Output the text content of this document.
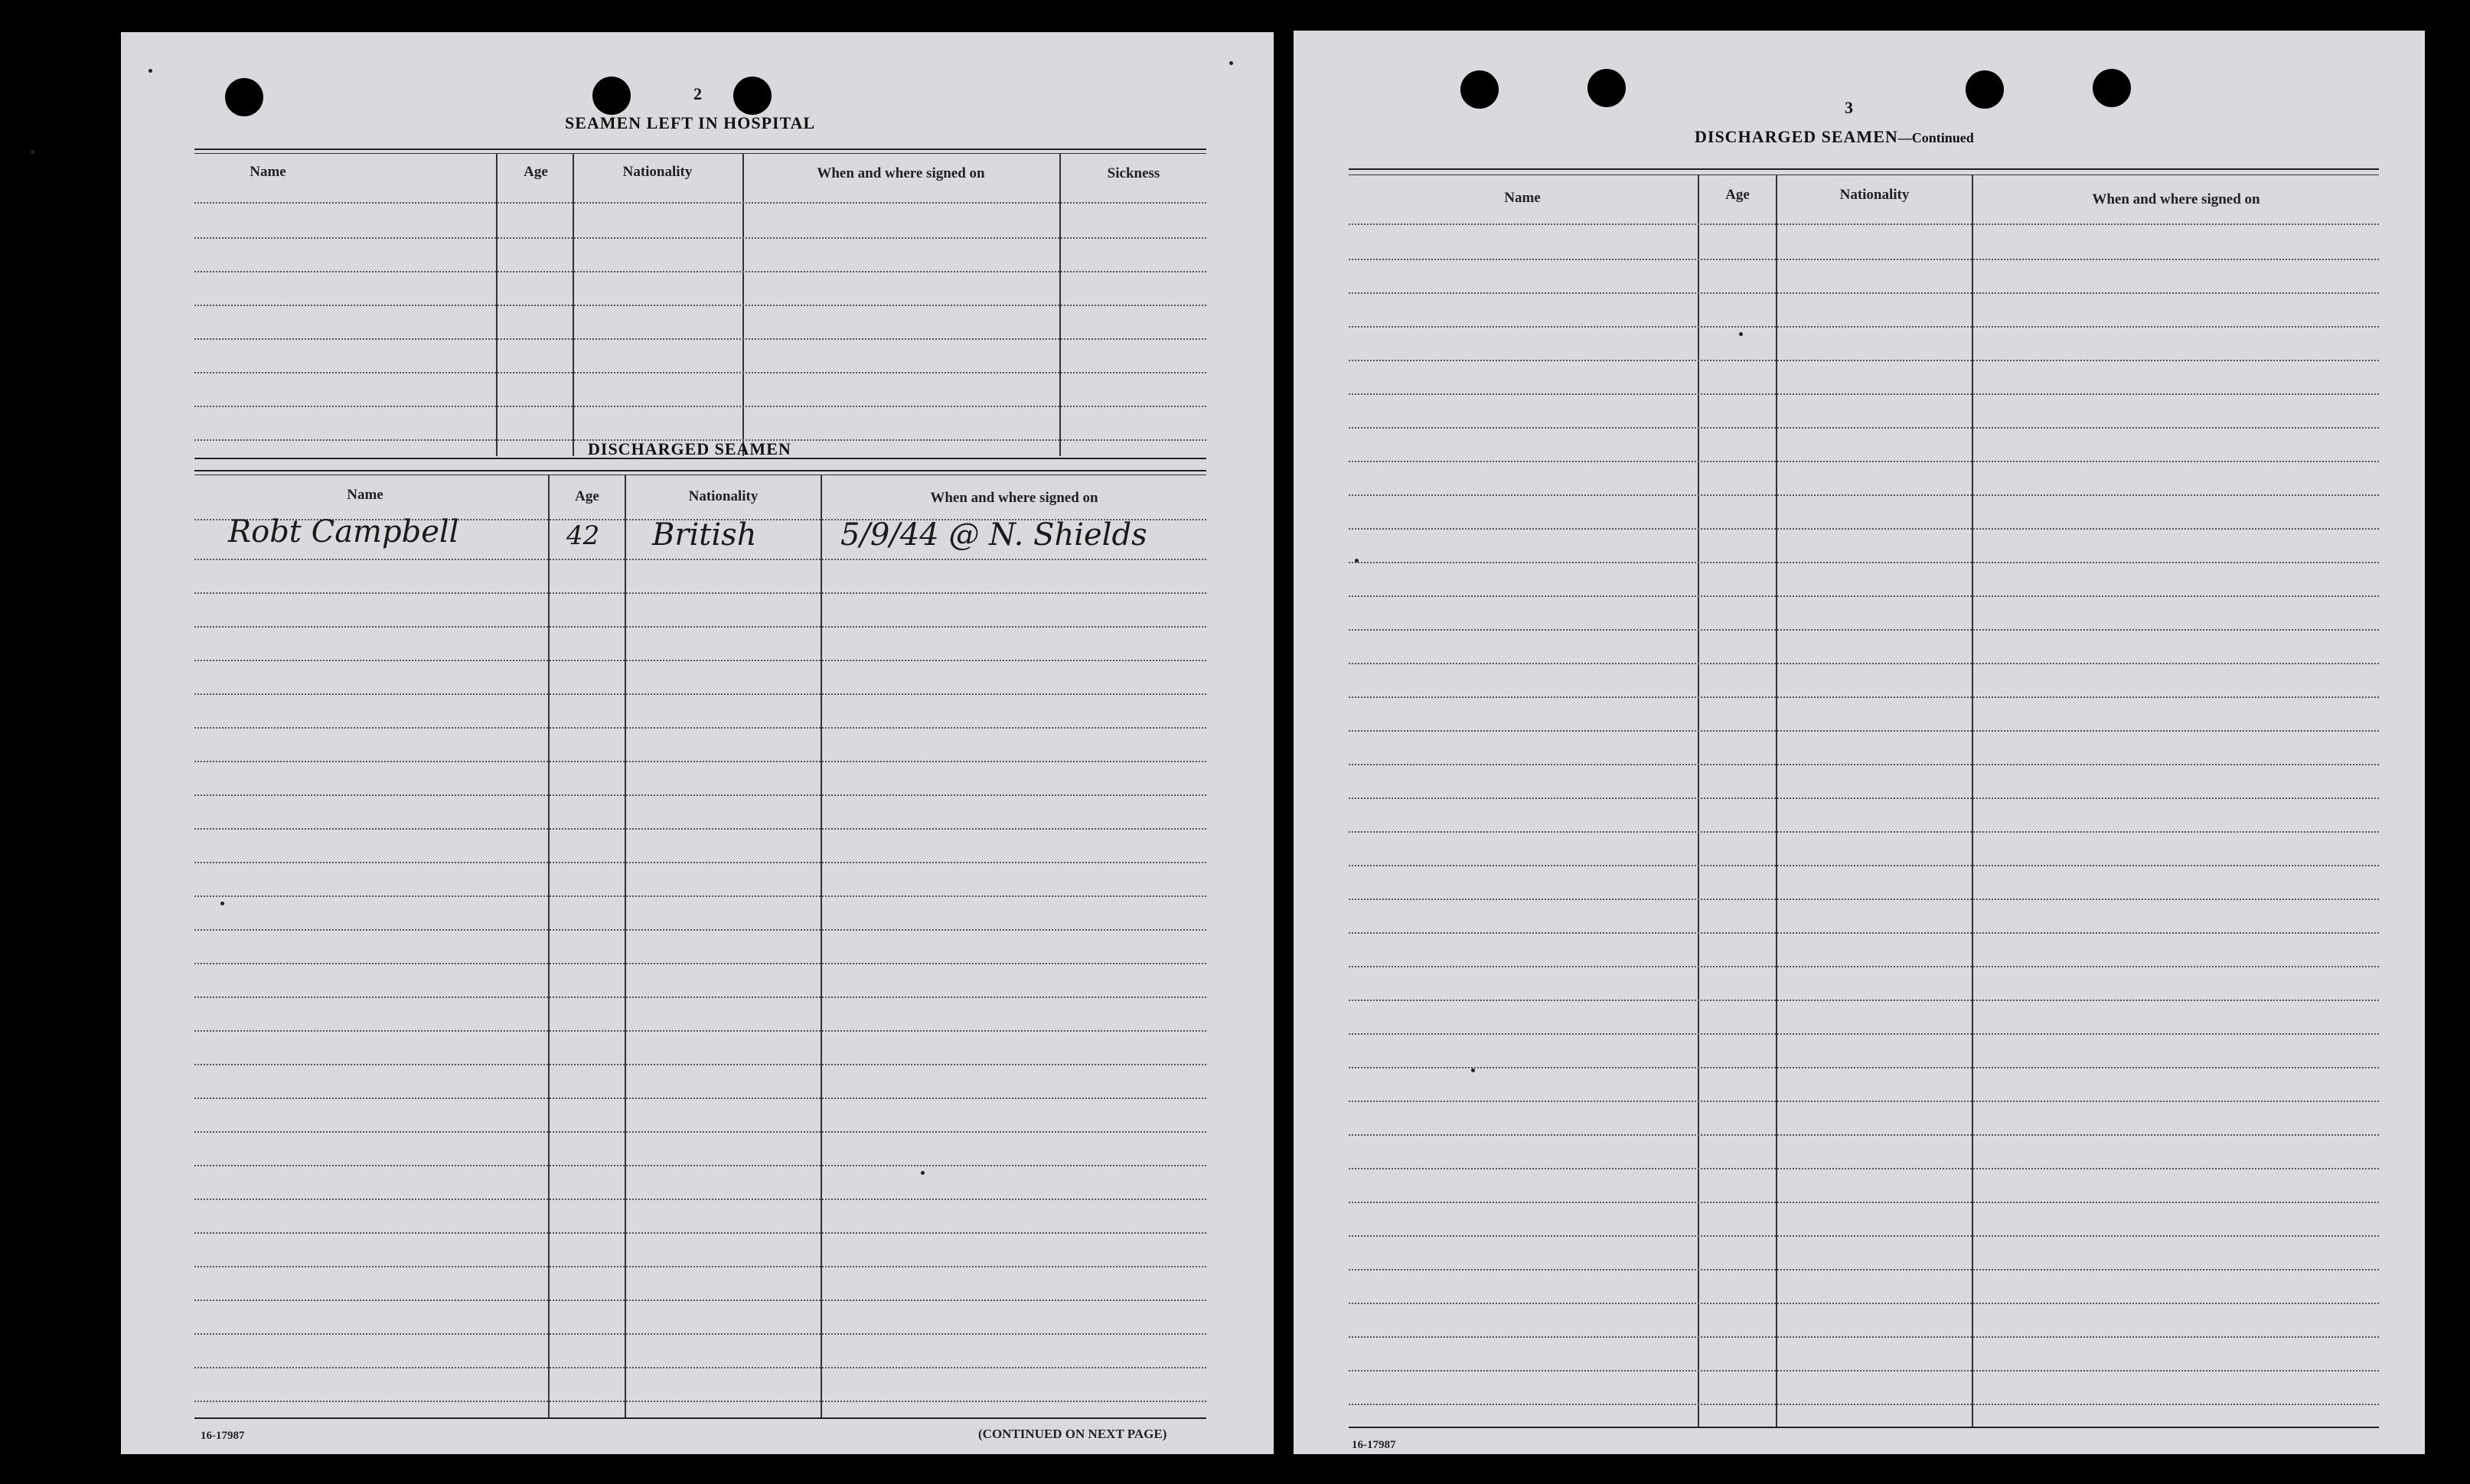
2
SEAMEN LEFT IN HOSPITAL
Name	Age	Nationality	When and where signed on	Sickness
DISCHARGED SEAMEN
Name	Age	Nationality	When and where signed on
Robt Campbell	42 British	5/9/44 @ N. Shields
16-17987	(CONTINUED ON NEXT PAGE)
3
DISCHARGED SEAMEN—Continued
Name	Age	Nationality	When and where signed on
16-17987
